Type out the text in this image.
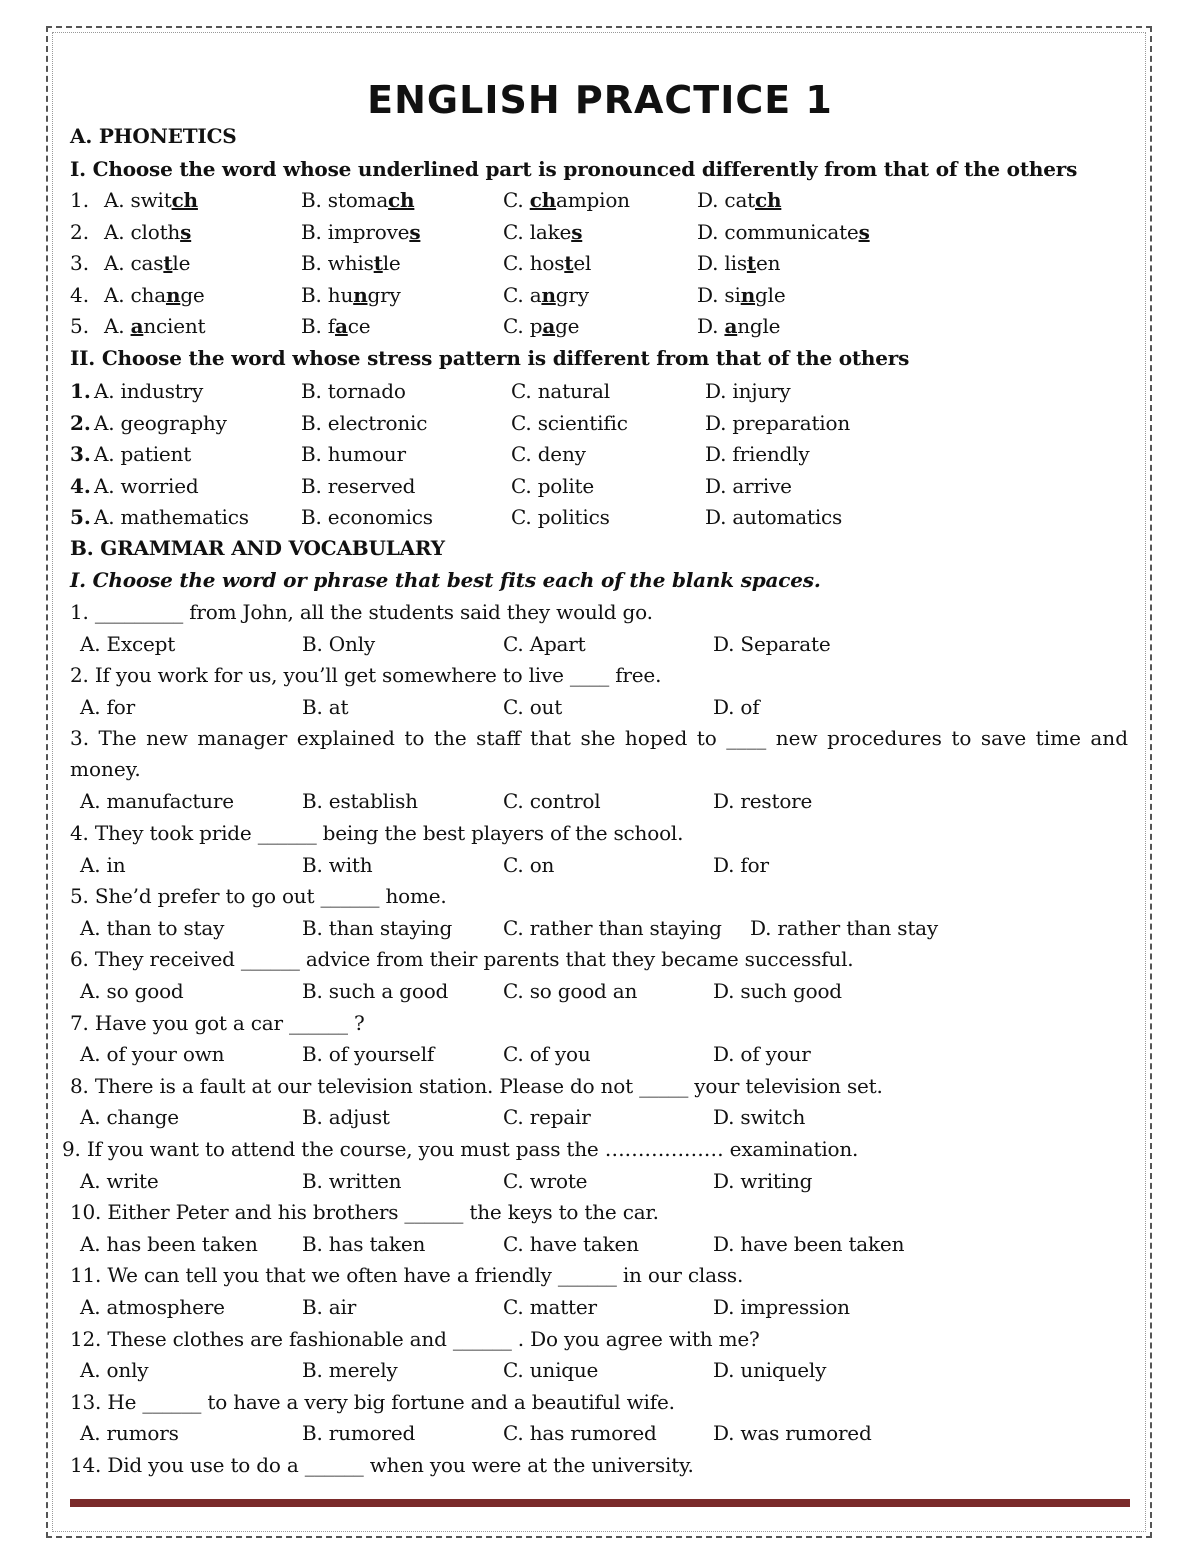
ENGLISH PRACTICE 1
A. PHONETICS
I. Choose the word whose underlined part is pronounced differently from that of the others
1. A. switch	B. stomach	C. champion	D. catch
2. A. cloths	B. improves	C. lakes	D. communicates
3. A. castle	B. whistle	C. hostel	D. listen
4. A. change	B. hungry	C. angry	D. single
5. A. ancient	B. face	C. page	D. angle
II. Choose the word whose stress pattern is different from that of the others
1. A. industry	B. tornado	C. natural	D. injury
2. A. geography	B. electronic	C. scientific	D. preparation
3. A. patient	B. humour	C. deny	D. friendly
4. A. worried	B. reserved	C. polite	D. arrive
5. A. mathematics	B. economics	C. politics	D. automatics
B. GRAMMAR AND VOCABULARY
I. Choose the word or phrase that best fits each of the blank spaces.
1. _________ from John, all the students said they would go.
A. Except	B. Only	C. Apart	D. Separate
2. If you work for us, you’ll get somewhere to live ____ free.
A. for	B. at	C. out	D. of
3. The new manager explained to the staff that she hoped to ____ new procedures to save time and money.
A. manufacture	B. establish	C. control	D. restore
4. They took pride ______ being the best players of the school.
A. in	B. with	C. on	D. for
5. She’d prefer to go out ______ home.
A. than to stay	B. than staying	C. rather than staying D. rather than stay
6. They received ______ advice from their parents that they became successful.
A. so good	B. such a good	C. so good an	D. such good
7. Have you got a car ______ ?
A. of your own	B. of yourself	C. of you	D. of your
8. There is a fault at our television station. Please do not _____ your television set.
A. change	B. adjust	C. repair	D. switch
9. If you want to attend the course, you must pass the ……………… examination.
A. write	B. written	C. wrote	D. writing
10. Either Peter and his brothers ______ the keys to the car.
A. has been taken B. has taken	C. have taken	D. have been taken
11. We can tell you that we often have a friendly ______ in our class.
A. atmosphere	B. air	C. matter	D. impression
12. These clothes are fashionable and ______ . Do you agree with me?
A. only	B. merely	C. unique	D. uniquely
13. He ______ to have a very big fortune and a beautiful wife.
A. rumors	B. rumored	C. has rumored	D. was rumored
14. Did you use to do a ______ when you were at the university.
